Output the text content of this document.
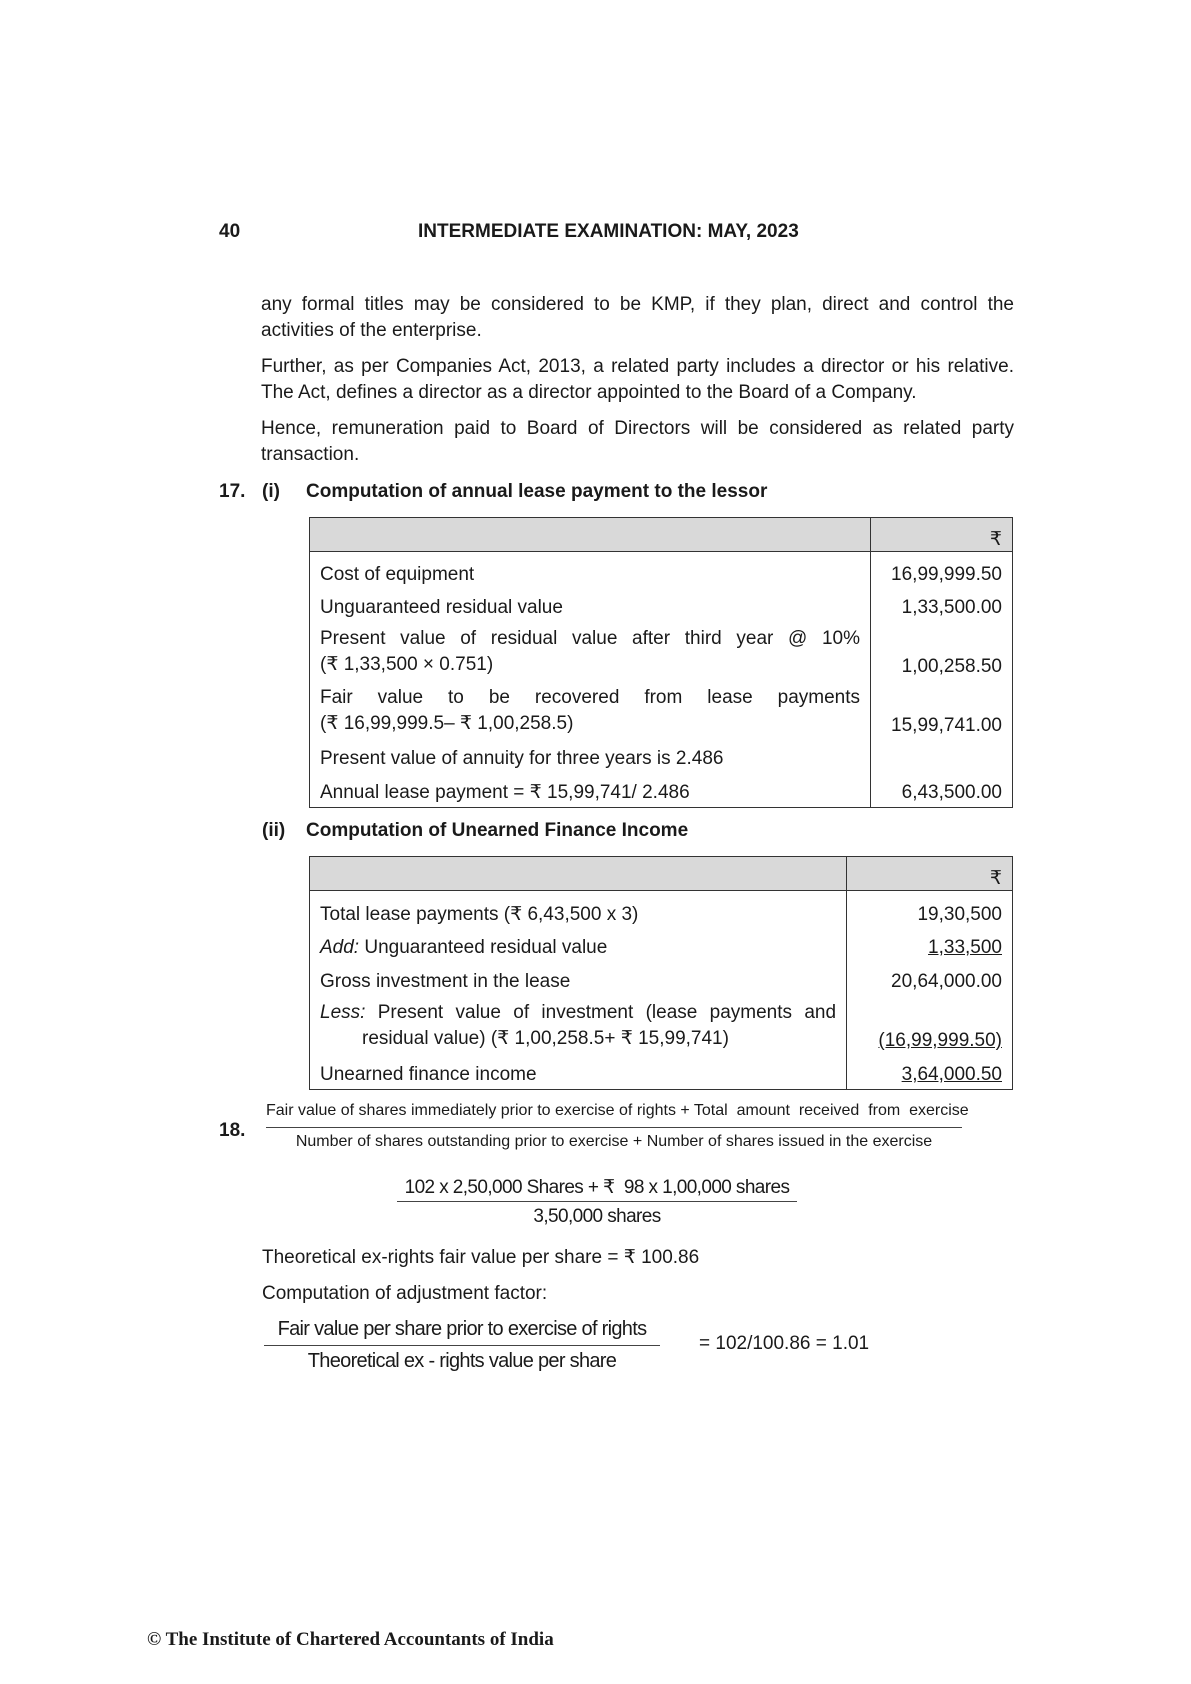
40	INTERMEDIATE EXAMINATION: MAY, 2023
any formal titles may be considered to be KMP, if they plan, direct and control the activities of the enterprise.
Further, as per Companies Act, 2013, a related party includes a director or his relative. The Act, defines a director as a director appointed to the Board of a Company.
Hence, remuneration paid to Board of Directors will be considered as related party transaction.
17. (i) Computation of annual lease payment to the lessor
	₹
Cost of equipment	16,99,999.50
Unguaranteed residual value	1,33,500.00

Present value of residual value after third year @ 10%
(₹ 1,33,500 × 0.751)	1,00,258.50

Fair value to be recovered from lease payments
(₹ 16,99,999.5– ₹ 1,00,258.5)	15,99,741.00
Present value of annuity for three years is 2.486	
Annual lease payment = ₹ 15,99,741/ 2.486	6,43,500.00
(ii) Computation of Unearned Finance Income
	₹
Total lease payments (₹ 6,43,500 x 3)	19,30,500
Add: Unguaranteed residual value	1,33,500
Gross investment in the lease	20,64,000.00

Less: Present value of investment (lease payments and
residual value) (₹ 1,00,258.5+ ₹ 15,99,741)	(16,99,999.50)
Unearned finance income	3,64,000.50
18.
Fair value of shares immediately prior to exercise of rights + Total  amount  received  from  exercise
Number of shares outstanding prior to exercise + Number of shares issued in the exercise
102 x 2,50,000 Shares + ₹  98 x 1,00,000 shares
3,50,000 shares
Theoretical ex-rights fair value per share = ₹ 100.86
Computation of adjustment factor:
Fair value per share prior to exercise of rights
Theoretical ex - rights value per share
= 102/100.86 = 1.01
© The Institute of Chartered Accountants of India
